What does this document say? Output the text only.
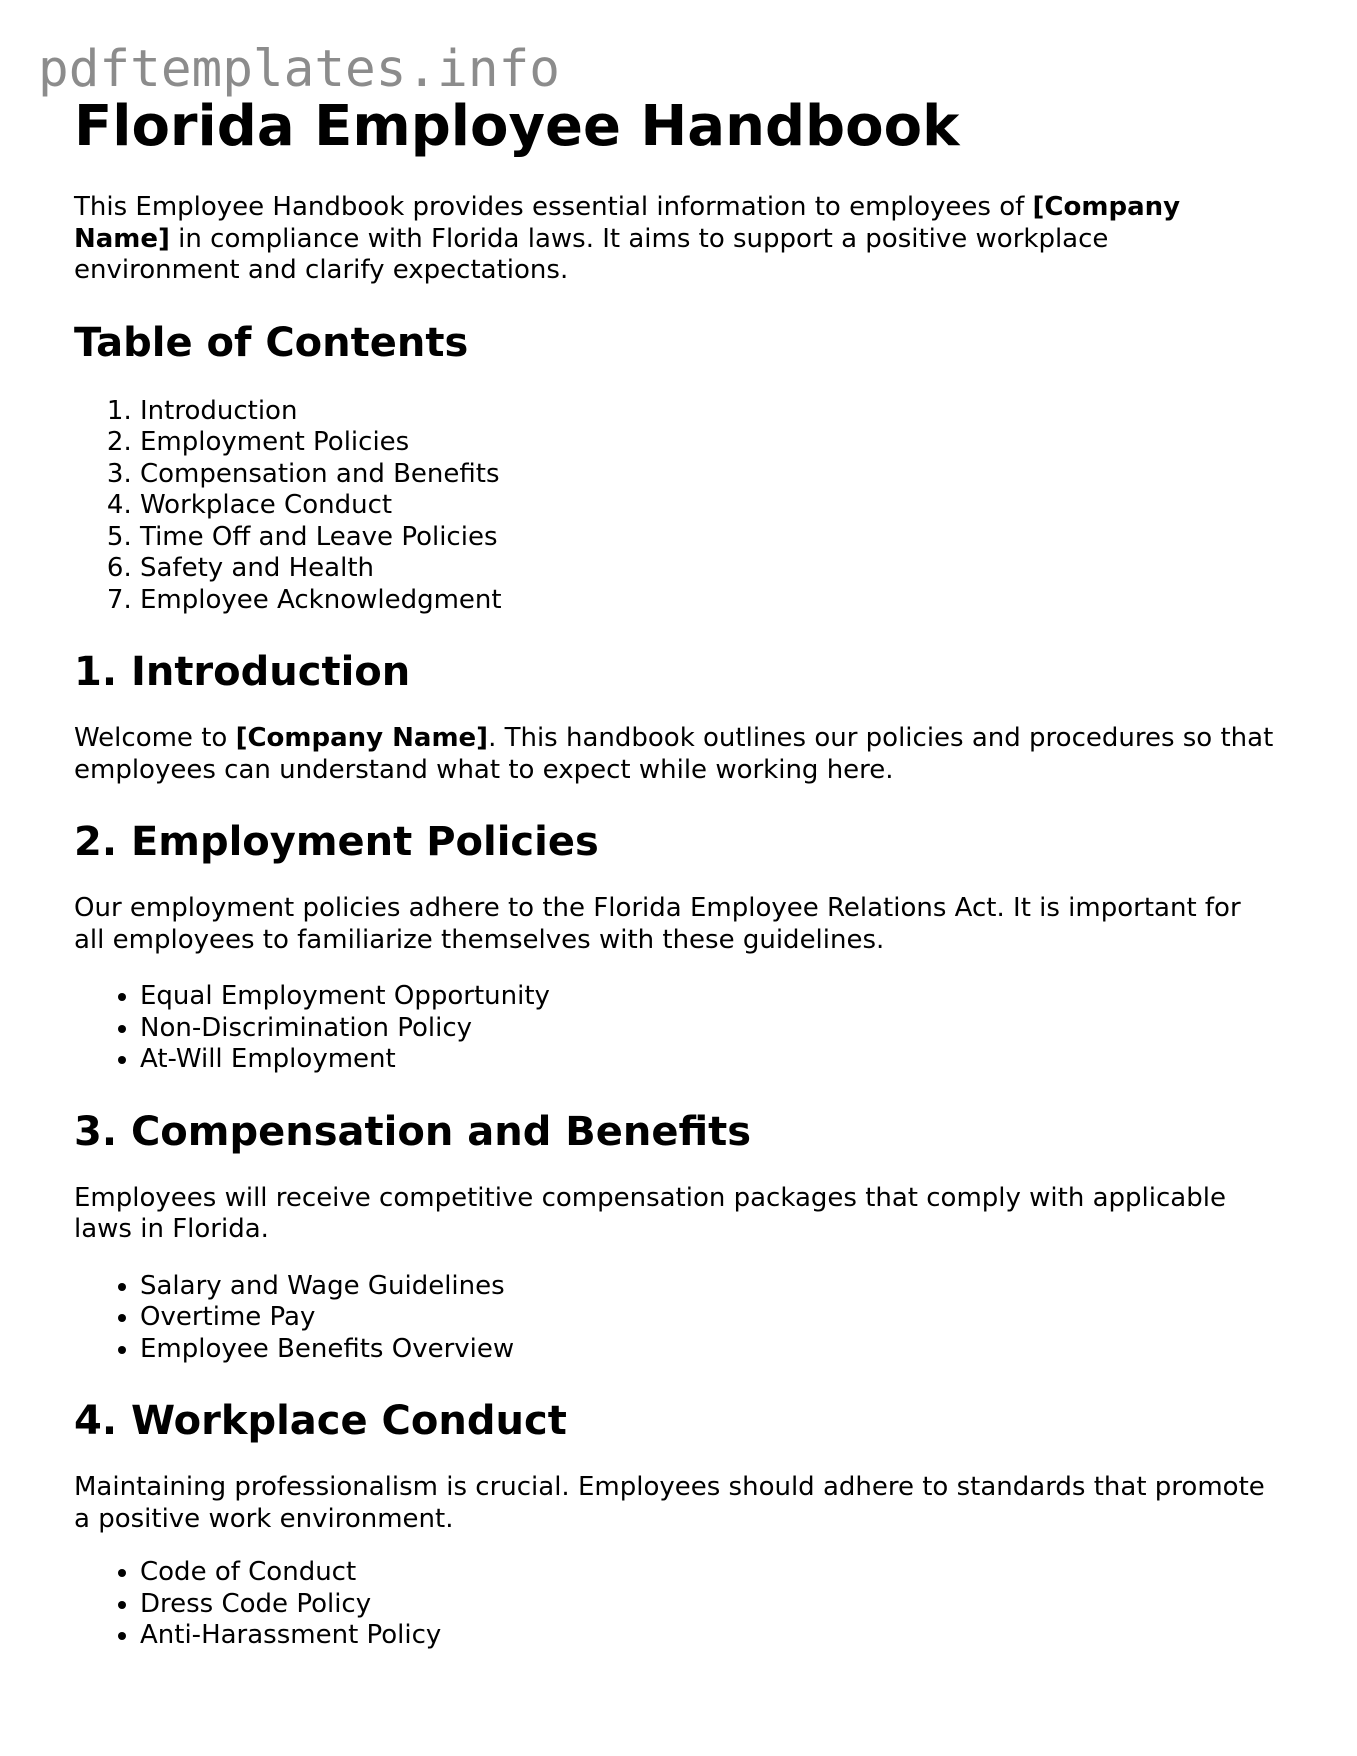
pdftemplates.info
Florida Employee Handbook

This Employee Handbook provides essential information to employees of [Company Name] in compliance with Florida laws. It aims to support a positive workplace environment and clarify expectations.

Table of Contents
1. Introduction
2. Employment Policies
3. Compensation and Benefits
4. Workplace Conduct
5. Time Off and Leave Policies
6. Safety and Health
7. Employee Acknowledgment
1. Introduction

Welcome to [Company Name]. This handbook outlines our policies and procedures so that employees can understand what to expect while working here.

2. Employment Policies

Our employment policies adhere to the Florida Employee Relations Act. It is important for all employees to familiarize themselves with these guidelines.

• Equal Employment Opportunity
• Non-Discrimination Policy
• At-Will Employment
3. Compensation and Benefits

Employees will receive competitive compensation packages that comply with applicable laws in Florida.

• Salary and Wage Guidelines
• Overtime Pay
• Employee Benefits Overview
4. Workplace Conduct

Maintaining professionalism is crucial. Employees should adhere to standards that promote a positive work environment.

• Code of Conduct
• Dress Code Policy
• Anti-Harassment Policy
